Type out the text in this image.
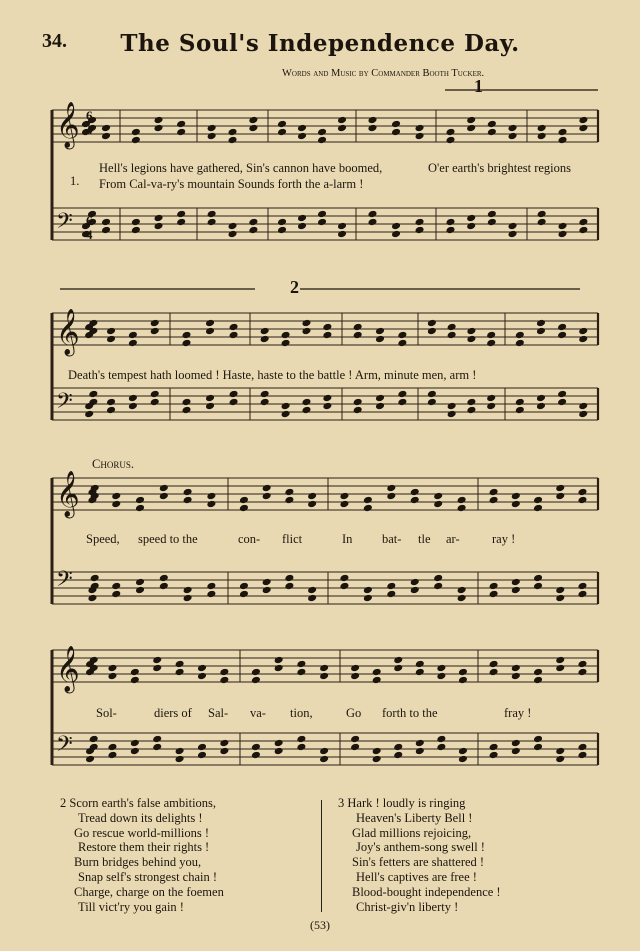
34.	The Soul's Independence Day.
Words and Music by Commander Booth Tucker.
𝄞
𝄞
𝄞
𝄞
𝄢
𝄢
𝄢
𝄢
6
4
6
4
1
2
1.
Hell's legions have gathered, Sin's cannon have boomed,	O'er earth's brightest regions
From Cal-va-ry's mountain Sounds forth the a-larm !
Death's tempest hath loomed ! Haste, haste to the battle ! Arm, minute men, arm !
Chorus.
Speed, speed to the	con- flict	In bat- tle ar-	ray !
Sol-	diers of Sal- va- tion,	Go forth to the	fray !
2 Scorn earth's false ambitions,
Tread down its delights !
Go rescue world-millions !
Restore them their rights !
Burn bridges behind you,
Snap self's strongest chain !
Charge, charge on the foemen
Till vict'ry you gain !
3 Hark ! loudly is ringing
Heaven's Liberty Bell !
Glad millions rejoicing,
Joy's anthem-song swell !
Sin's fetters are shattered !
Hell's captives are free !
Blood-bought independence !
Christ-giv'n liberty !
(53)
